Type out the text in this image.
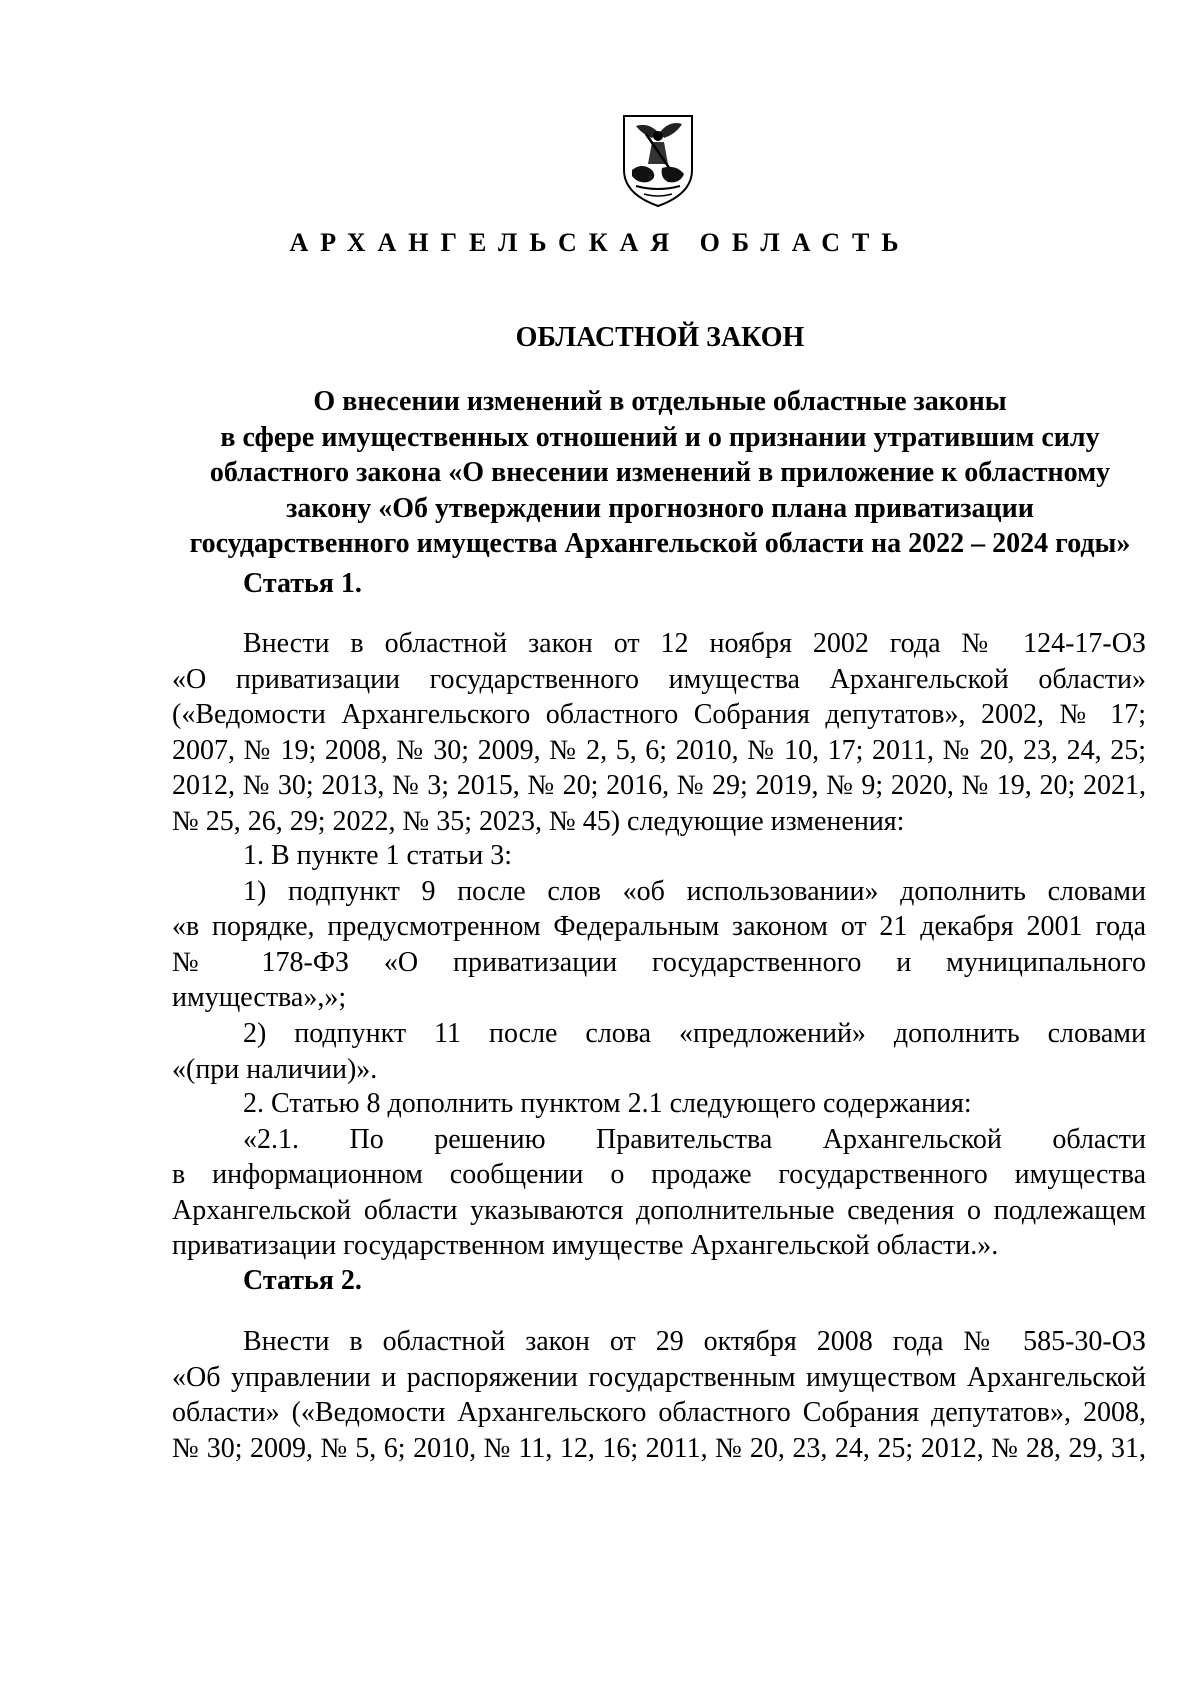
АРХАНГЕЛЬСКАЯ ОБЛАСТЬ
ОБЛАСТНОЙ ЗАКОН
О внесении изменений в отдельные областные законы
в сфере имущественных отношений и о признании утратившим силу
областного закона «О внесении изменений в приложение к областному
закону «Об утверждении прогнозного плана приватизации
государственного имущества Архангельской области на 2022 – 2024 годы»
Статья 1.
Внести в областной закон от 12 ноября 2002 года № 124-17-ОЗ
«О приватизации государственного имущества Архангельской области»
(«Ведомости Архангельского областного Собрания депутатов», 2002, № 17;
2007, № 19; 2008, № 30; 2009, № 2, 5, 6; 2010, № 10, 17; 2011, № 20, 23, 24, 25;
2012, № 30; 2013, № 3; 2015, № 20; 2016, № 29; 2019, № 9; 2020, № 19, 20; 2021,
№ 25, 26, 29; 2022, № 35; 2023, № 45) следующие изменения:
1. В пункте 1 статьи 3:
1) подпункт 9 после слов «об использовании» дополнить словами
«в порядке, предусмотренном Федеральным законом от 21 декабря 2001 года
№ 178-ФЗ «О приватизации государственного и муниципального
имущества»,»;
2) подпункт 11 после слова «предложений» дополнить словами
«(при наличии)».
2. Статью 8 дополнить пунктом 2.1 следующего содержания:
«2.1. По решению Правительства Архангельской области
в информационном сообщении о продаже государственного имущества
Архангельской области указываются дополнительные сведения о подлежащем
приватизации государственном имуществе Архангельской области.».
Статья 2.
Внести в областной закон от 29 октября 2008 года № 585-30-ОЗ
«Об управлении и распоряжении государственным имуществом Архангельской
области» («Ведомости Архангельского областного Собрания депутатов», 2008,
№ 30; 2009, № 5, 6; 2010, № 11, 12, 16; 2011, № 20, 23, 24, 25; 2012, № 28, 29, 31,
